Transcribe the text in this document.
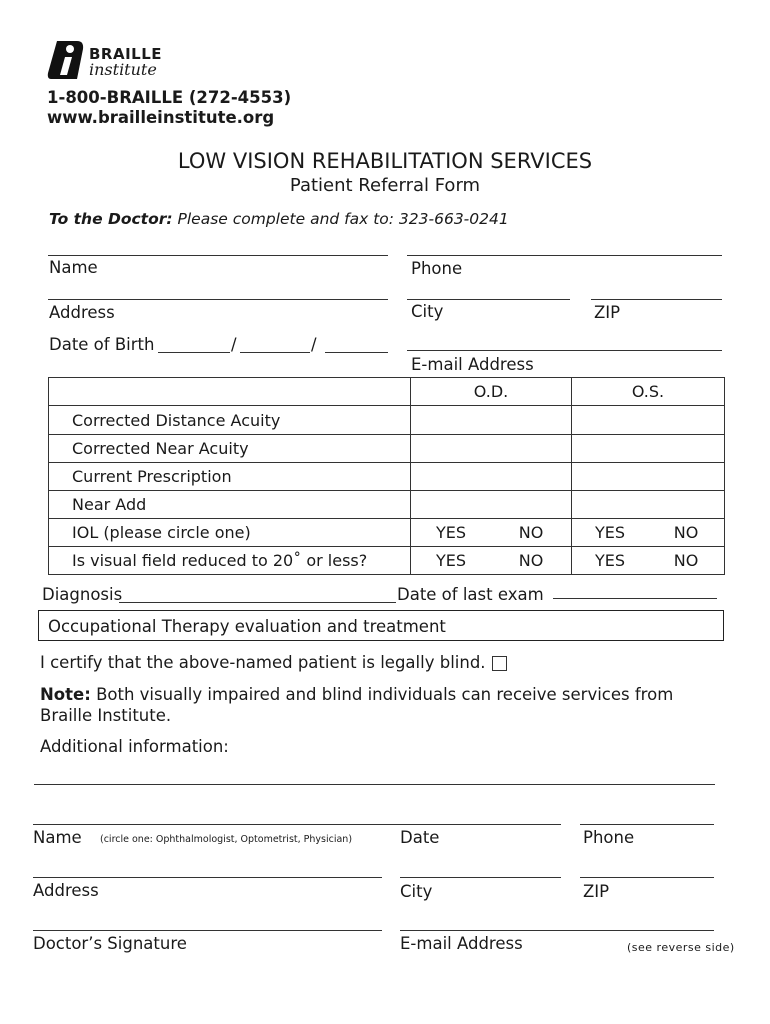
BRAILLE
institute
1-800-BRAILLE (272-4553)
www.brailleinstitute.org
LOW VISION REHABILITATION SERVICES
Patient Referral Form
To the Doctor: Please complete and fax to: 323-663-0241
Name	Phone
Address	City	ZIP
Date of Birth	/	/
E-mail Address
	O.D.		O.S.	
Corrected Distance Acuity				
Corrected Near Acuity				
Current Prescription				
Near Add				
IOL (please circle one)	YES	NO	YES	NO
Is visual field reduced to 20˚ or less?	YES	NO	YES	NO
Diagnosis	Date of last exam
Occupational Therapy evaluation and treatment
I certify that the above-named patient is legally blind.
Note: Both visually impaired and blind individuals can receive services from
Braille Institute.
Additional information:
Name (circle one: Ophthalmologist, Optometrist, Physician)	Date	Phone
Address	City	ZIP
Doctor’s Signature	E-mail Address	(see reverse side)
